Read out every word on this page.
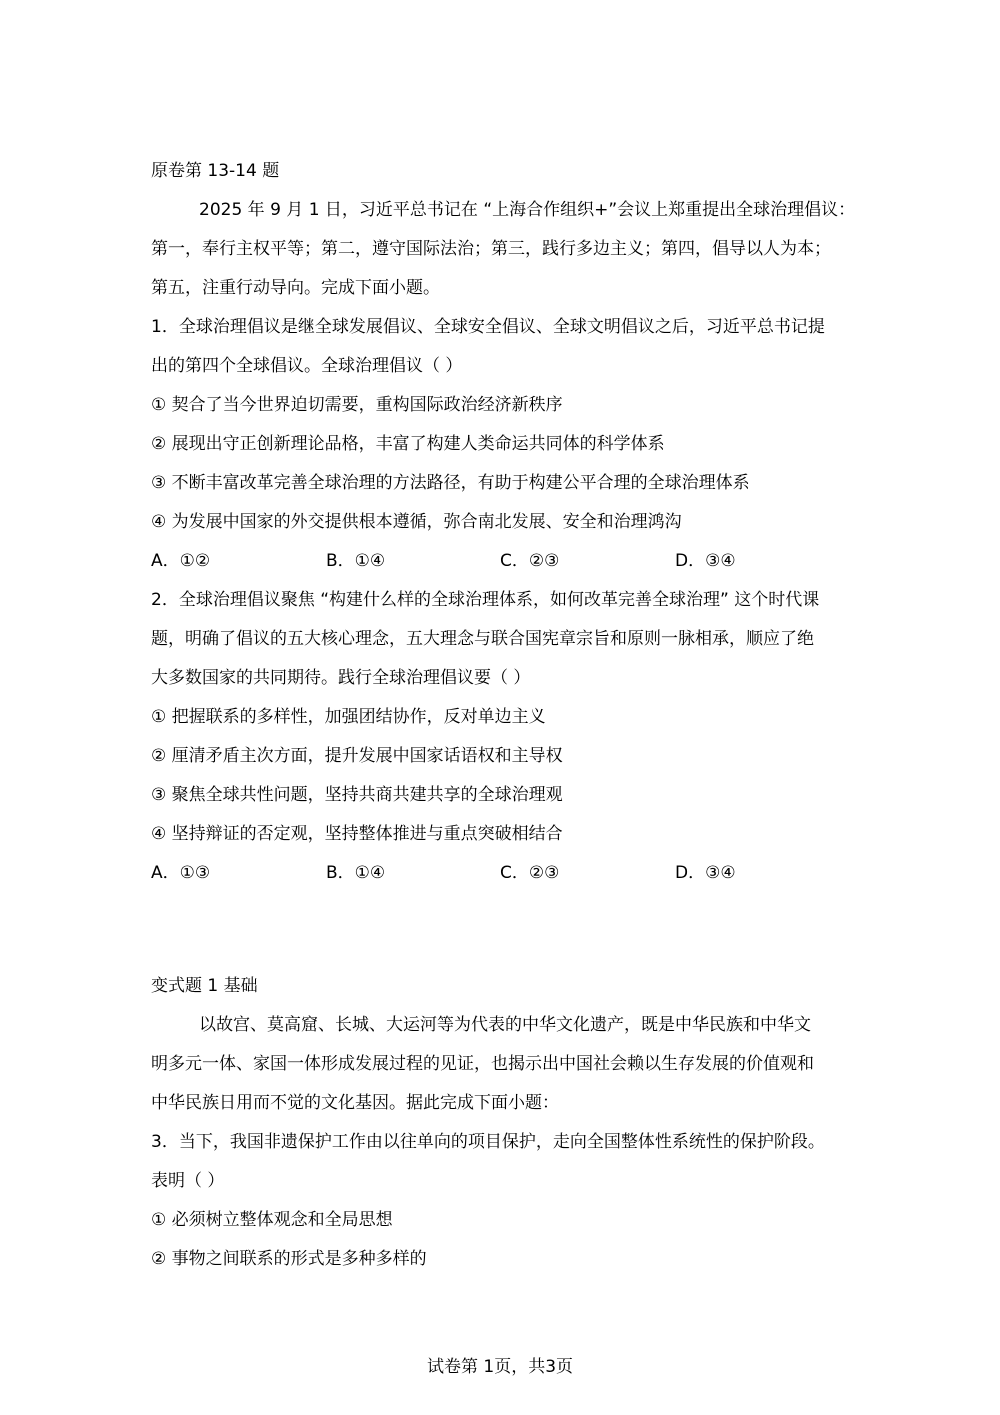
原卷第 13-14 题
2025 年 9 月 1 日，习近平总书记在 “上海合作组织+”会议上郑重提出全球治理倡议：
第一，奉行主权平等；第二，遵守国际法治；第三，践行多边主义；第四，倡导以人为本；
第五，注重行动导向。完成下面小题。
1．全球治理倡议是继全球发展倡议、全球安全倡议、全球文明倡议之后，习近平总书记提
出的第四个全球倡议。全球治理倡议（ ）
① 契合了当今世界迫切需要，重构国际政治经济新秩序
② 展现出守正创新理论品格，丰富了构建人类命运共同体的科学体系
③ 不断丰富改革完善全球治理的方法路径，有助于构建公平合理的全球治理体系
④ 为发展中国家的外交提供根本遵循，弥合南北发展、安全和治理鸿沟
A．①②	B．①④	C．②③	D．③④
2．全球治理倡议聚焦 “构建什么样的全球治理体系，如何改革完善全球治理” 这个时代课
题，明确了倡议的五大核心理念，五大理念与联合国宪章宗旨和原则一脉相承，顺应了绝
大多数国家的共同期待。践行全球治理倡议要（ ）
① 把握联系的多样性，加强团结协作，反对单边主义
② 厘清矛盾主次方面，提升发展中国家话语权和主导权
③ 聚焦全球共性问题，坚持共商共建共享的全球治理观
④ 坚持辩证的否定观，坚持整体推进与重点突破相结合
A．①③	B．①④	C．②③	D．③④
变式题 1 基础
以故宫、莫高窟、长城、大运河等为代表的中华文化遗产，既是中华民族和中华文
明多元一体、家国一体形成发展过程的见证，也揭示出中国社会赖以生存发展的价值观和
中华民族日用而不觉的文化基因。据此完成下面小题：
3．当下，我国非遗保护工作由以往单向的项目保护，走向全国整体性系统性的保护阶段。
表明（ ）
① 必须树立整体观念和全局思想
② 事物之间联系的形式是多种多样的
试卷第 1页，共3页
